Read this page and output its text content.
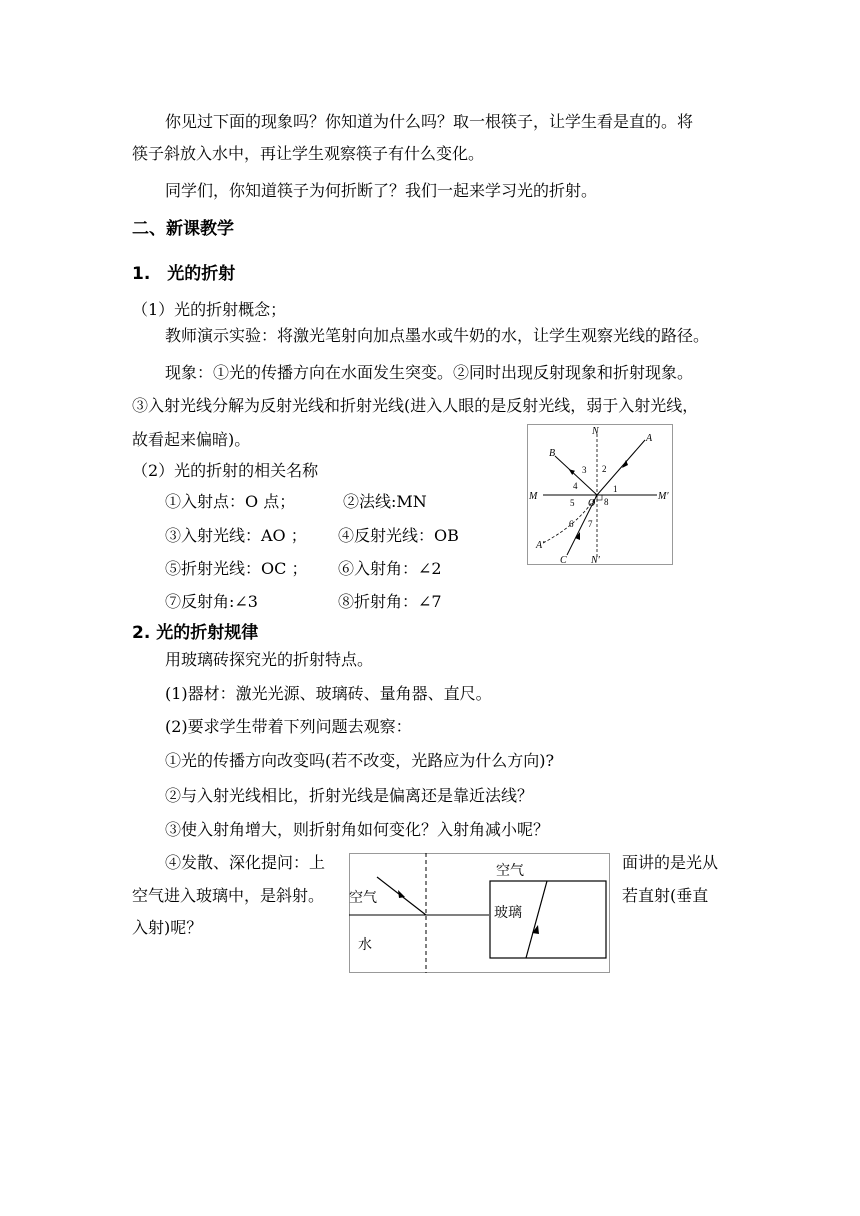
你见过下面的现象吗？你知道为什么吗？取一根筷子，让学生看是直的。将
筷子斜放入水中，再让学生观察筷子有什么变化。
同学们，你知道筷子为何折断了？我们一起来学习光的折射。
二、新课教学
1.　光的折射
（1）光的折射概念；
教师演示实验：将激光笔射向加点墨水或牛奶的水，让学生观察光线的路径。
现象：①光的传播方向在水面发生突变。②同时出现反射现象和折射现象。
③入射光线分解为反射光线和折射光线(进入人眼的是反射光线，弱于入射光线，
故看起来偏暗)。
（2）光的折射的相关名称
①入射点：O 点；	②法线:MN
③入射光线：AO ； ④反射光线：OB
⑤折射光线：OC ； ⑥入射角：∠2
⑦反射角:∠3	⑧折射角：∠7
N
A
B
M	M′
O
A′
C N′
1
2
3
4
5
6 7
8
2. 光的折射规律
用玻璃砖探究光的折射特点。
(1)器材：激光光源、玻璃砖、量角器、直尺。
(2)要求学生带着下列问题去观察：
①光的传播方向改变吗(若不改变，光路应为什么方向)?
②与入射光线相比，折射光线是偏离还是靠近法线？
③使入射角增大，则折射角如何变化？入射角减小呢？
④发散、深化提问：上	面讲的是光从
空气进入玻璃中，是斜射。	若直射(垂直
入射)呢？
空气
水
空气
玻璃
